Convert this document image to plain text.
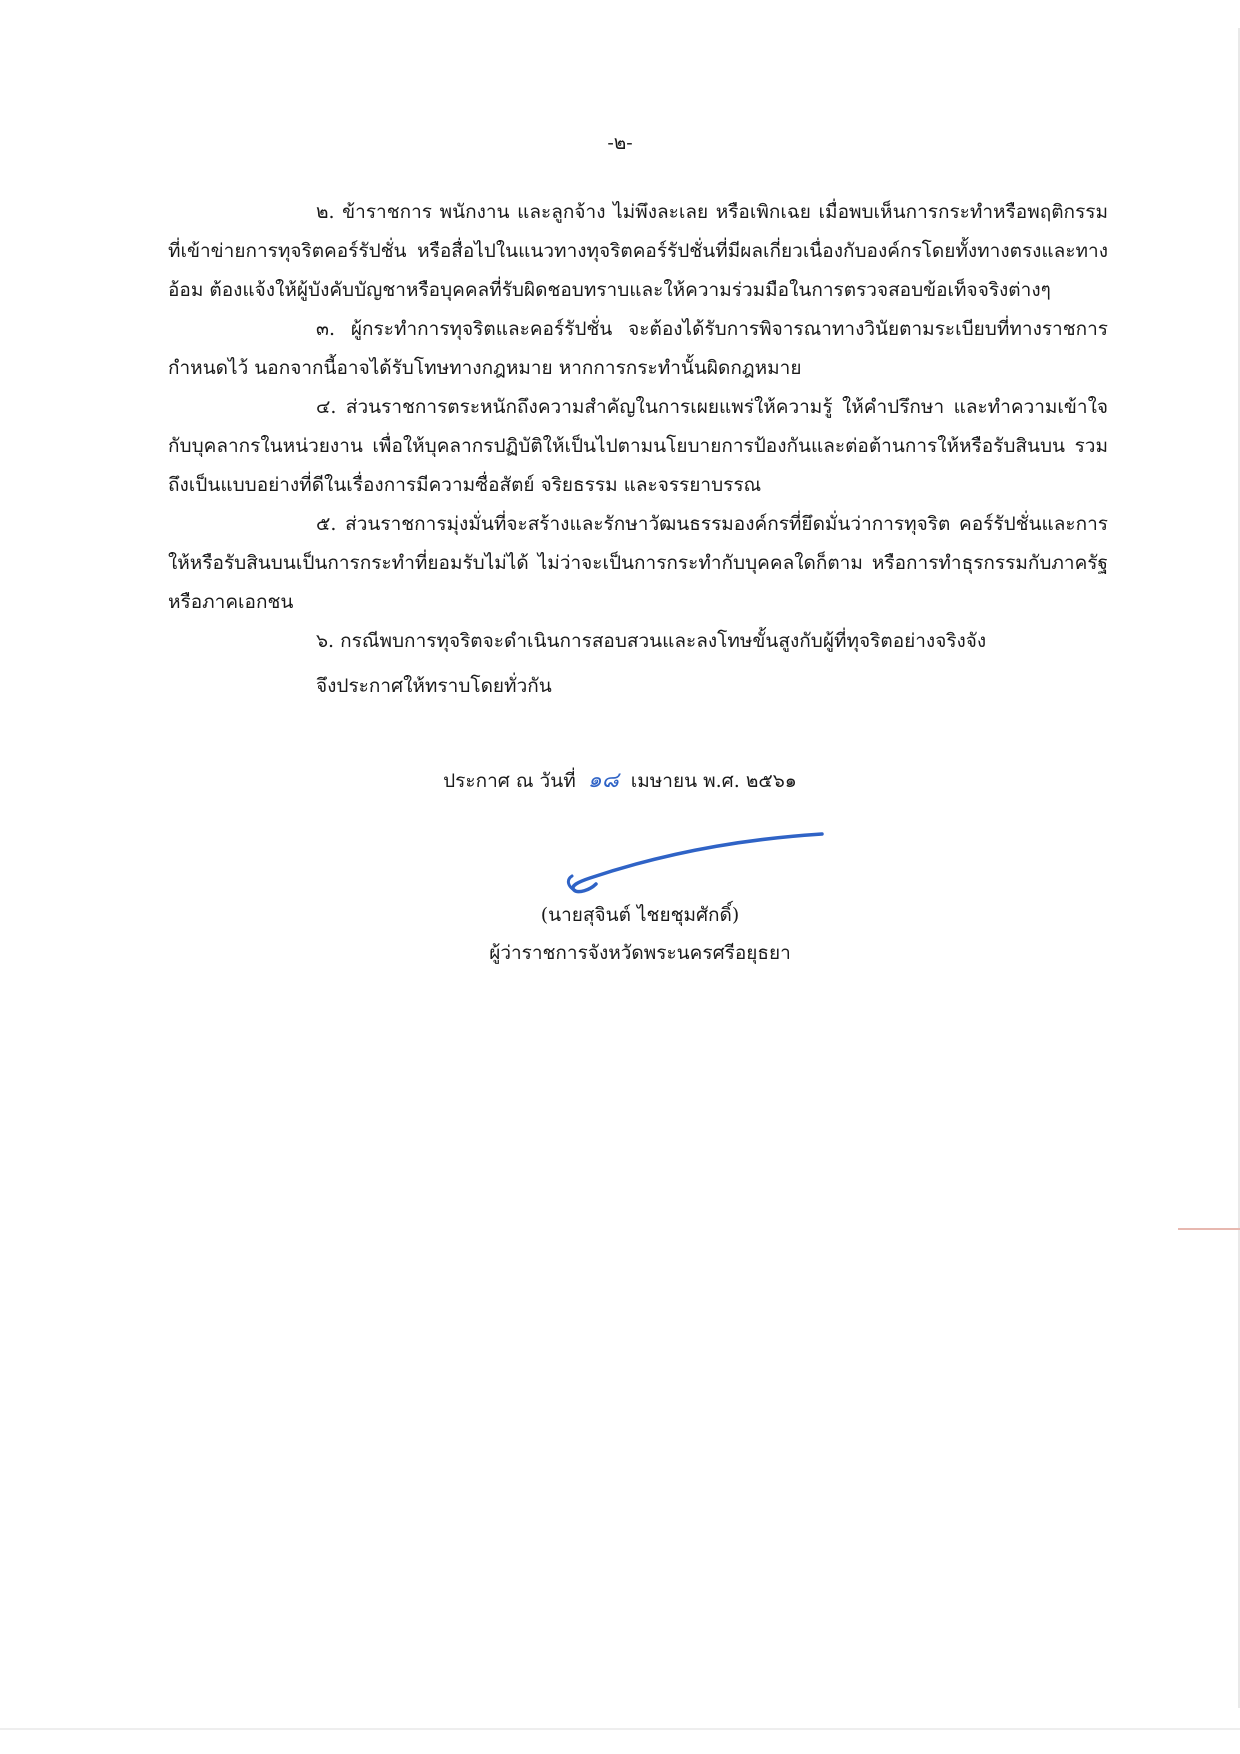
-๒-

๒. ข้าราชการ พนักงาน และลูกจ้าง ไม่พึงละเลย หรือเพิกเฉย เมื่อพบเห็นการกระทำหรือพฤติกรรมที่เข้าข่ายการทุจริตคอร์รัปชั่น หรือสื่อไปในแนวทางทุจริตคอร์รัปชั่นที่มีผลเกี่ยวเนื่องกับองค์กรโดยทั้งทางตรงและทางอ้อม ต้องแจ้งให้ผู้บังคับบัญชาหรือบุคคลที่รับผิดชอบทราบและให้ความร่วมมือในการตรวจสอบข้อเท็จจริงต่างๆ

๓. ผู้กระทำการทุจริตและคอร์รัปชั่น จะต้องได้รับการพิจารณาทางวินัยตามระเบียบที่ทางราชการกำหนดไว้ นอกจากนี้อาจได้รับโทษทางกฎหมาย หากการกระทำนั้นผิดกฎหมาย

๔. ส่วนราชการตระหนักถึงความสำคัญในการเผยแพร่ให้ความรู้ ให้คำปรึกษา และทำความเข้าใจกับบุคลากรในหน่วยงาน เพื่อให้บุคลากรปฏิบัติให้เป็นไปตามนโยบายการป้องกันและต่อต้านการให้หรือรับสินบน รวมถึงเป็นแบบอย่างที่ดีในเรื่องการมีความซื่อสัตย์ จริยธรรม และจรรยาบรรณ

๕. ส่วนราชการมุ่งมั่นที่จะสร้างและรักษาวัฒนธรรมองค์กรที่ยึดมั่นว่าการทุจริต คอร์รัปชั่นและการให้หรือรับสินบนเป็นการกระทำที่ยอมรับไม่ได้ ไม่ว่าจะเป็นการกระทำกับบุคคลใดก็ตาม หรือการทำธุรกรรมกับภาครัฐ หรือภาคเอกชน

๖. กรณีพบการทุจริตจะดำเนินการสอบสวนและลงโทษขั้นสูงกับผู้ที่ทุจริตอย่างจริงจัง

จึงประกาศให้ทราบโดยทั่วกัน

ประกาศ ณ วันที่ ๑๘ เมษายน พ.ศ. ๒๕๖๑
(นายสุจินต์ ไชยชุมศักดิ์)
ผู้ว่าราชการจังหวัดพระนครศรีอยุธยา
